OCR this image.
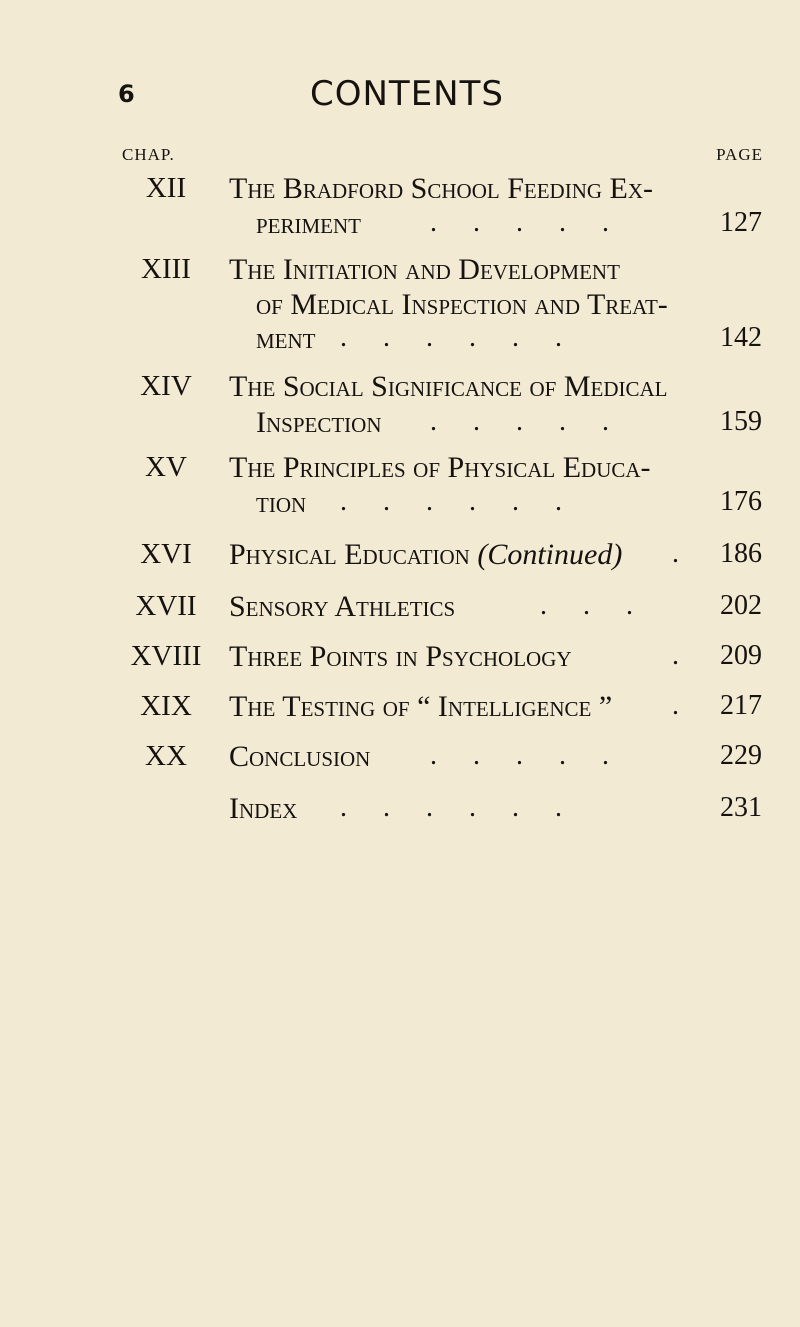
6	CONTENTS
CHAP.	PAGE
XII	The Bradford School Feeding Ex-
periment .....	127
XIII	The Initiation and Development
of Medical Inspection and Treat-
ment ......	142
XIV	The Social Significance of Medical
Inspection .....	159
XV	The Principles of Physical Educa-
tion ......	176
XVI	Physical Education (Continued) . 186
XVII	Sensory Athletics	...	202
XVIII Three Points in Psychology	. 209
XIX	The Testing of “ Intelligence ” . 217
XX	Conclusion .....	229
Index ......	231
